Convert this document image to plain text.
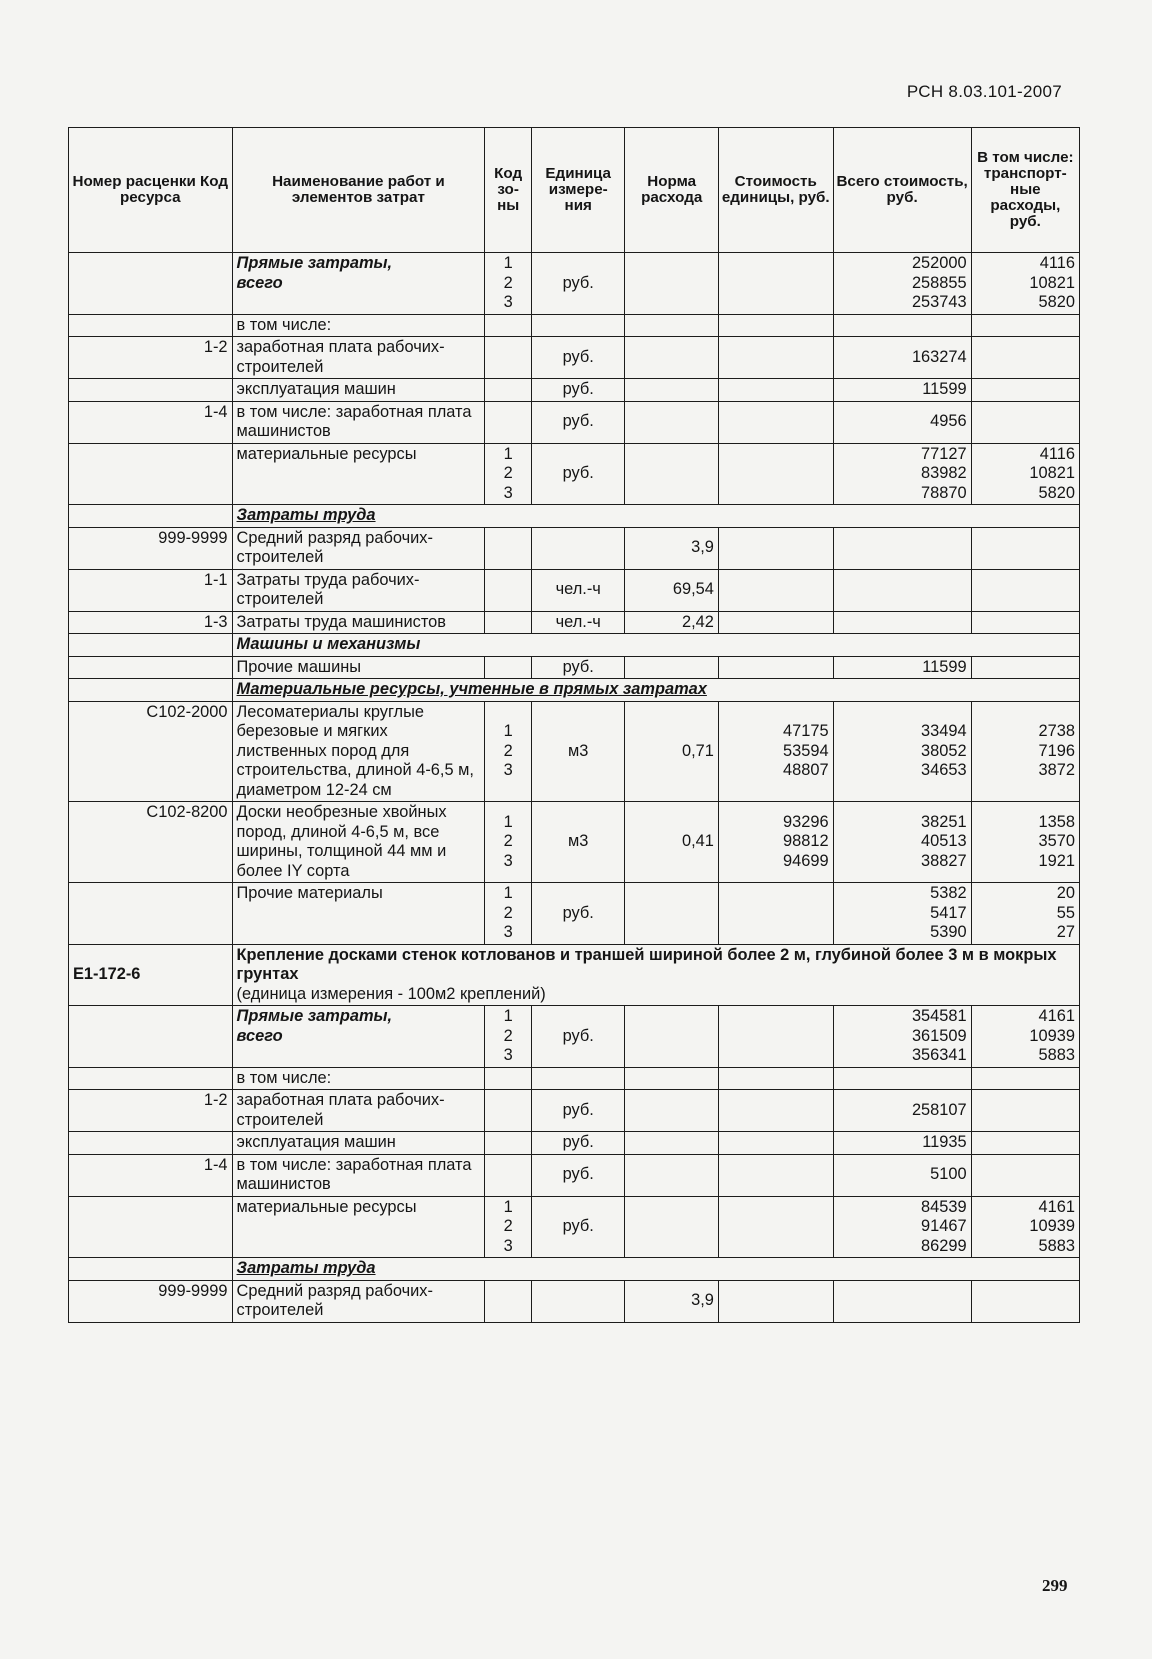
РСН 8.03.101-2007
Номер расценки Код ресурса	Наименование работ и элементов затрат	Код зо- ны	Единица измере- ния	Норма расхода	Стоимость единицы, руб.	Всего стоимость, руб.	В том числе: транспорт- ные расходы, руб.
	Прямые затраты,
всего	1
2
3	руб.			252000
258855
253743	4116
10821
5820
	в том числе:						
1-2	заработная плата рабочих-строителей		руб.			163274	
	эксплуатация машин		руб.			11599	
1-4	в том числе: заработная плата машинистов		руб.			4956	
	материальные ресурсы	1
2
3	руб.			77127
83982
78870	4116
10821
5820
	Затраты труда						
999-9999	Средний разряд рабочих-строителей			3,9			
1-1	Затраты труда рабочих-строителей		чел.-ч	69,54			
1-3	Затраты труда машинистов		чел.-ч	2,42			
	Машины и механизмы						
	Прочие машины		руб.			11599	
	Материальные ресурсы, учтенные в прямых затратах						
С102-2000	Лесоматериалы круглые березовые и мягких лиственных пород для строительства, длиной 4-6,5 м, диаметром 12-24 см	1
2
3	м3	0,71	47175
53594
48807	33494
38052
34653	2738
7196
3872
С102-8200	Доски необрезные хвойных пород, длиной 4-6,5 м, все ширины, толщиной 44 мм и более IY сорта	1
2
3	м3	0,41	93296
98812
94699	38251
40513
38827	1358
3570
1921
	Прочие материалы	1
2
3	руб.			5382
5417
5390	20
55
27
Е1-172-6	Крепление досками стенок котлованов и траншей шириной более 2 м, глубиной более 3 м в мокрых грунтах
(единица измерения - 100м2 креплений)						

	Прямые затраты,
всего	1
2
3	руб.			354581
361509
356341	4161
10939
5883
	в том числе:						
1-2	заработная плата рабочих-строителей		руб.			258107	
	эксплуатация машин		руб.			11935	
1-4	в том числе: заработная плата машинистов		руб.			5100	
	материальные ресурсы	1
2
3	руб.			84539
91467
86299	4161
10939
5883
	Затраты труда						
999-9999	Средний разряд рабочих-строителей			3,9			
299
